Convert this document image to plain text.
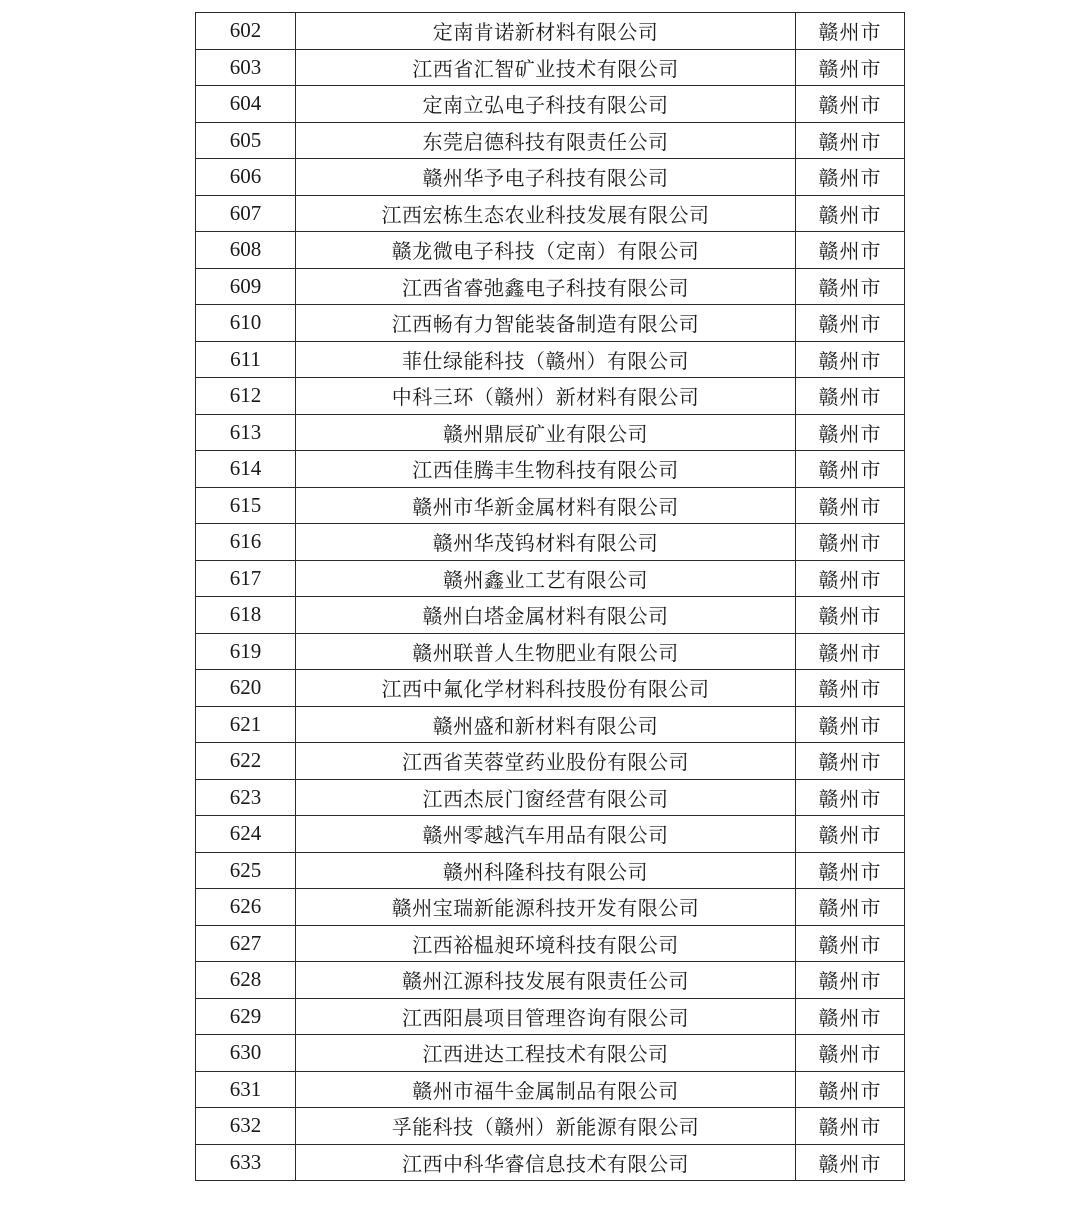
602	定南肯诺新材料有限公司	赣州市
603	江西省汇智矿业技术有限公司	赣州市
604	定南立弘电子科技有限公司	赣州市
605	东莞启德科技有限责任公司	赣州市
606	赣州华予电子科技有限公司	赣州市
607	江西宏栋生态农业科技发展有限公司	赣州市
608	赣龙微电子科技（定南）有限公司	赣州市
609	江西省睿弛鑫电子科技有限公司	赣州市
610	江西畅有力智能装备制造有限公司	赣州市
611	菲仕绿能科技（赣州）有限公司	赣州市
612	中科三环（赣州）新材料有限公司	赣州市
613	赣州鼎辰矿业有限公司	赣州市
614	江西佳腾丰生物科技有限公司	赣州市
615	赣州市华新金属材料有限公司	赣州市
616	赣州华茂钨材料有限公司	赣州市
617	赣州鑫业工艺有限公司	赣州市
618	赣州白塔金属材料有限公司	赣州市
619	赣州联普人生物肥业有限公司	赣州市
620	江西中氟化学材料科技股份有限公司	赣州市
621	赣州盛和新材料有限公司	赣州市
622	江西省芙蓉堂药业股份有限公司	赣州市
623	江西杰辰门窗经营有限公司	赣州市
624	赣州零越汽车用品有限公司	赣州市
625	赣州科隆科技有限公司	赣州市
626	赣州宝瑞新能源科技开发有限公司	赣州市
627	江西裕榅昶环境科技有限公司	赣州市
628	赣州江源科技发展有限责任公司	赣州市
629	江西阳晨项目管理咨询有限公司	赣州市
630	江西进达工程技术有限公司	赣州市
631	赣州市福牛金属制品有限公司	赣州市
632	孚能科技（赣州）新能源有限公司	赣州市
633	江西中科华睿信息技术有限公司	赣州市
